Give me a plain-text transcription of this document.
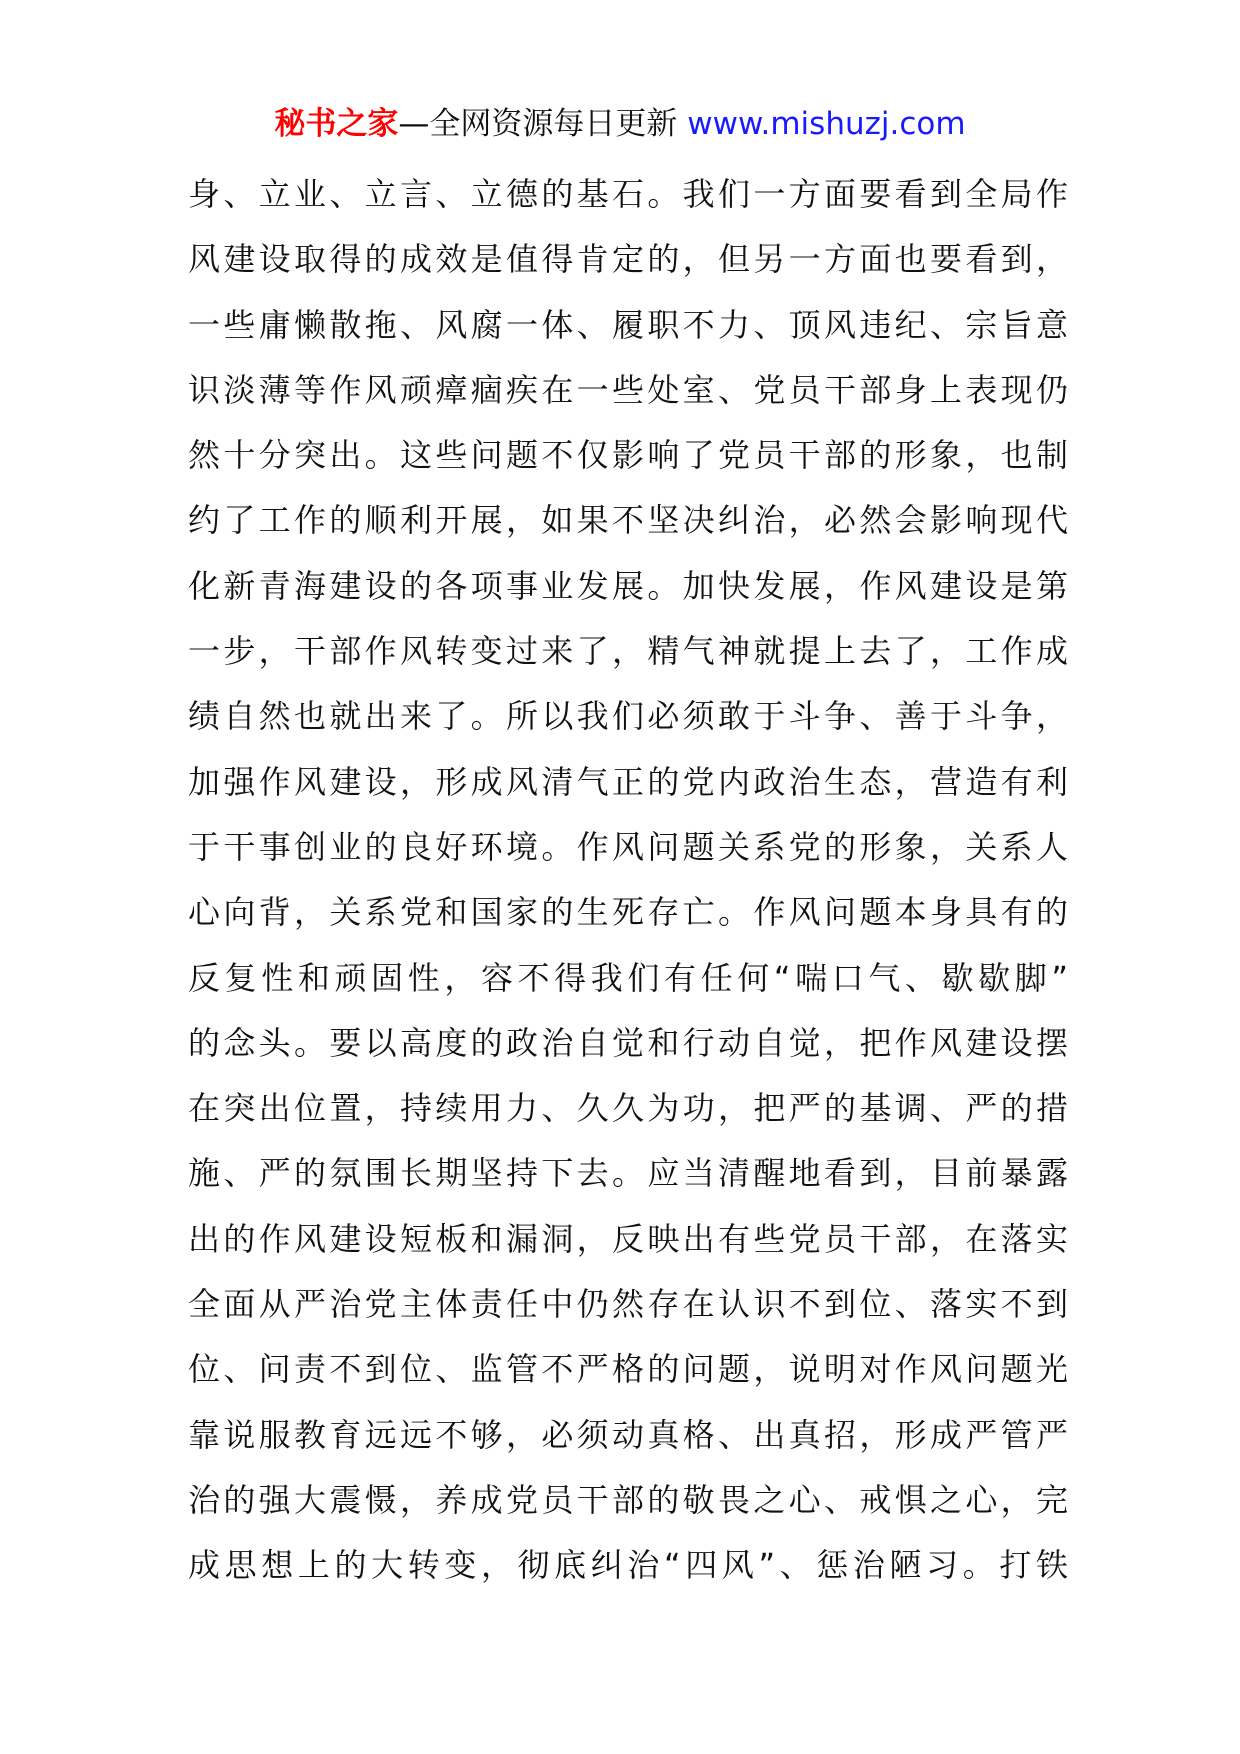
秘书之家—全网资源每日更新 www.mishuzj.com
身、立业、立言、立德的基石。我们一方面要看到全局作
风建设取得的成效是值得肯定的，但另一方面也要看到，
一些庸懒散拖、风腐一体、履职不力、顶风违纪、宗旨意
识淡薄等作风顽瘴痼疾在一些处室、党员干部身上表现仍
然十分突出。这些问题不仅影响了党员干部的形象，也制
约了工作的顺利开展，如果不坚决纠治，必然会影响现代
化新青海建设的各项事业发展。加快发展，作风建设是第
一步，干部作风转变过来了，精气神就提上去了，工作成
绩自然也就出来了。所以我们必须敢于斗争、善于斗争，
加强作风建设，形成风清气正的党内政治生态，营造有利
于干事创业的良好环境。作风问题关系党的形象，关系人
心向背，关系党和国家的生死存亡。作风问题本身具有的
反复性和顽固性，容不得我们有任何“喘口气、歇歇脚”
的念头。要以高度的政治自觉和行动自觉，把作风建设摆
在突出位置，持续用力、久久为功，把严的基调、严的措
施、严的氛围长期坚持下去。应当清醒地看到，目前暴露
出的作风建设短板和漏洞，反映出有些党员干部，在落实
全面从严治党主体责任中仍然存在认识不到位、落实不到
位、问责不到位、监管不严格的问题，说明对作风问题光
靠说服教育远远不够，必须动真格、出真招，形成严管严
治的强大震慑，养成党员干部的敬畏之心、戒惧之心，完
成思想上的大转变，彻底纠治“四风”、惩治陋习。打铁
